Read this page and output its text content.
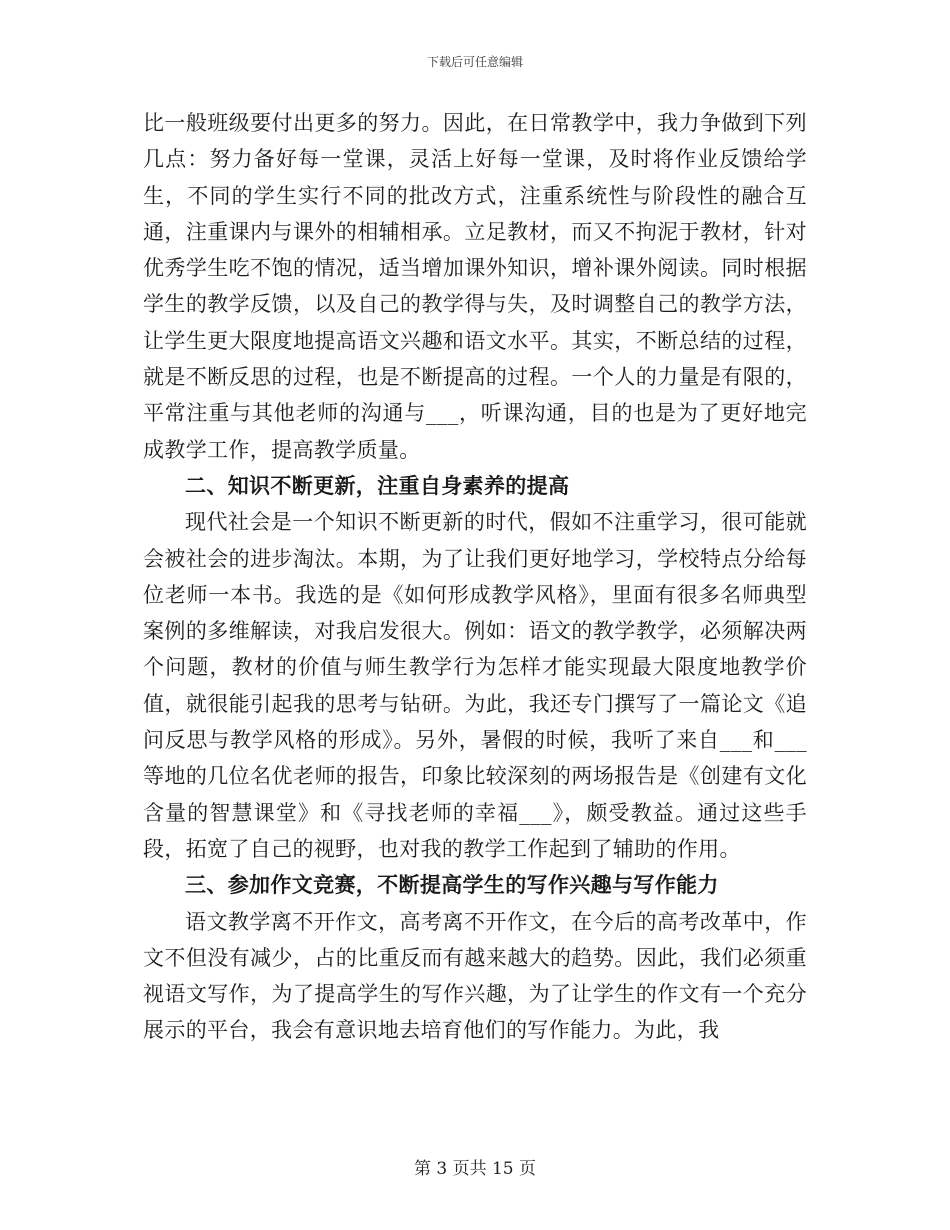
下载后可任意编辑

比一般班级要付出更多的努力。因此，在日常教学中，我力争做到下列几点：努力备好每一堂课，灵活上好每一堂课，及时将作业反馈给学生，不同的学生实行不同的批改方式，注重系统性与阶段性的融合互通，注重课内与课外的相辅相承。立足教材，而又不拘泥于教材，针对优秀学生吃不饱的情况，适当增加课外知识，增补课外阅读。同时根据学生的教学反馈，以及自己的教学得与失，及时调整自己的教学方法，让学生更大限度地提高语文兴趣和语文水平。其实，不断总结的过程，就是不断反思的过程，也是不断提高的过程。一个人的力量是有限的，平常注重与其他老师的沟通与___，听课沟通，目的也是为了更好地完成教学工作，提高教学质量。

二、知识不断更新，注重自身素养的提高

现代社会是一个知识不断更新的时代，假如不注重学习，很可能就会被社会的进步淘汰。本期，为了让我们更好地学习，学校特点分给每位老师一本书。我选的是《如何形成教学风格》，里面有很多名师典型案例的多维解读，对我启发很大。例如：语文的教学教学，必须解决两个问题，教材的价值与师生教学行为怎样才能实现最大限度地教学价值，就很能引起我的思考与钻研。为此，我还专门撰写了一篇论文《追问反思与教学风格的形成》。另外，暑假的时候，我听了来自___和___等地的几位名优老师的报告，印象比较深刻的两场报告是《创建有文化含量的智慧课堂》和《寻找老师的幸福___》，颇受教益。通过这些手段，拓宽了自己的视野，也对我的教学工作起到了辅助的作用。

三、参加作文竞赛，不断提高学生的写作兴趣与写作能力

语文教学离不开作文，高考离不开作文，在今后的高考改革中，作文不但没有减少，占的比重反而有越来越大的趋势。因此，我们必须重视语文写作，为了提高学生的写作兴趣，为了让学生的作文有一个充分展示的平台，我会有意识地去培育他们的写作能力。为此，我

第 3 页共 15 页
